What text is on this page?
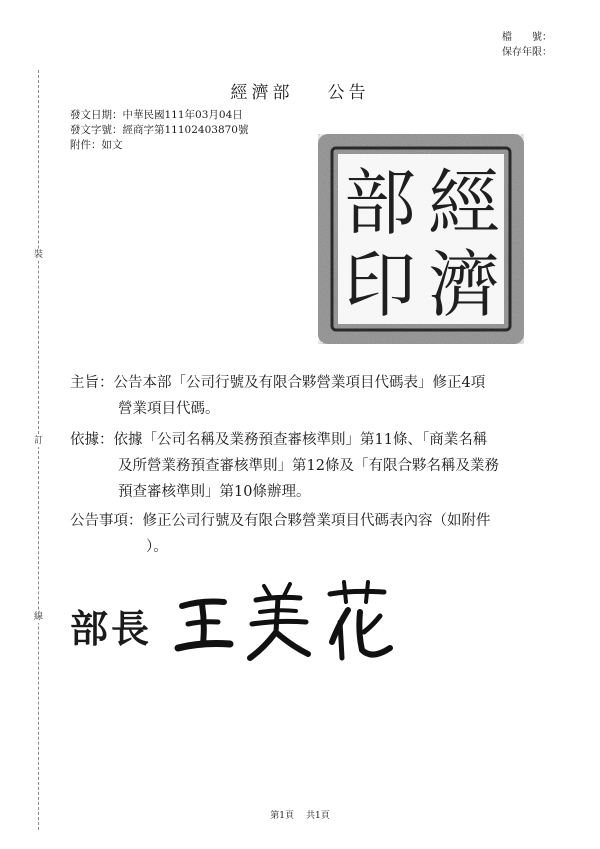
裝
訂
線
檔　　號：
保存年限：
經濟部 公告
發文日期：中華民國111年03月04日
發文字號：經商字第11102403870號
附件：如文
經
濟
部
印
主旨：公告本部「公司行號及有限合夥營業項目代碼表」修正4項
營業項目代碼。
依據：依據「公司名稱及業務預查審核準則」第11條、「商業名稱
及所營業務預查審核準則」第12條及「有限合夥名稱及業務
預查審核準則」第10條辦理。
公告事項：修正公司行號及有限合夥營業項目代碼表內容（如附件
）。
部長
第1頁 共1頁
